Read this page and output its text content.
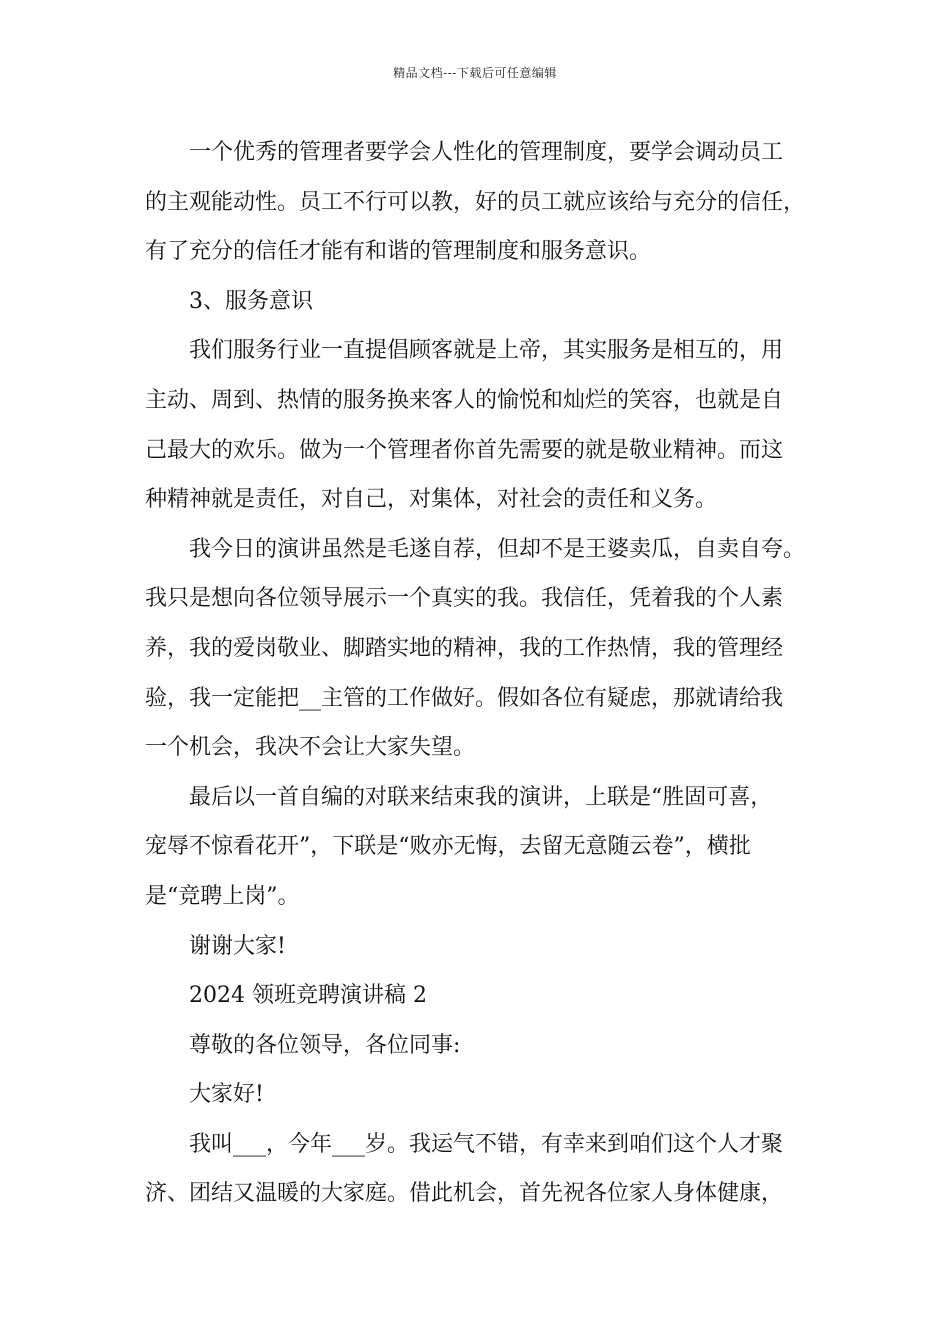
精品文档---下载后可任意编辑
一个优秀的管理者要学会人性化的管理制度，要学会调动员工
的主观能动性。员工不行可以教，好的员工就应该给与充分的信任，
有了充分的信任才能有和谐的管理制度和服务意识。
3、服务意识
我们服务行业一直提倡顾客就是上帝，其实服务是相互的，用
主动、周到、热情的服务换来客人的愉悦和灿烂的笑容，也就是自
己最大的欢乐。做为一个管理者你首先需要的就是敬业精神。而这
种精神就是责任，对自己，对集体，对社会的责任和义务。
我今日的演讲虽然是毛遂自荐，但却不是王婆卖瓜，自卖自夸。
我只是想向各位领导展示一个真实的我。我信任，凭着我的个人素
养，我的爱岗敬业、脚踏实地的精神，我的工作热情，我的管理经
验，我一定能把__主管的工作做好。假如各位有疑虑，那就请给我
一个机会，我决不会让大家失望。
最后以一首自编的对联来结束我的演讲，上联是“胜固可喜，
宠辱不惊看花开”，下联是“败亦无悔，去留无意随云卷”，横批
是“竞聘上岗”。
谢谢大家!
2024 领班竞聘演讲稿 2
尊敬的各位领导，各位同事:
大家好!
我叫___，今年___岁。我运气不错，有幸来到咱们这个人才聚
济、团结又温暖的大家庭。借此机会，首先祝各位家人身体健康，
